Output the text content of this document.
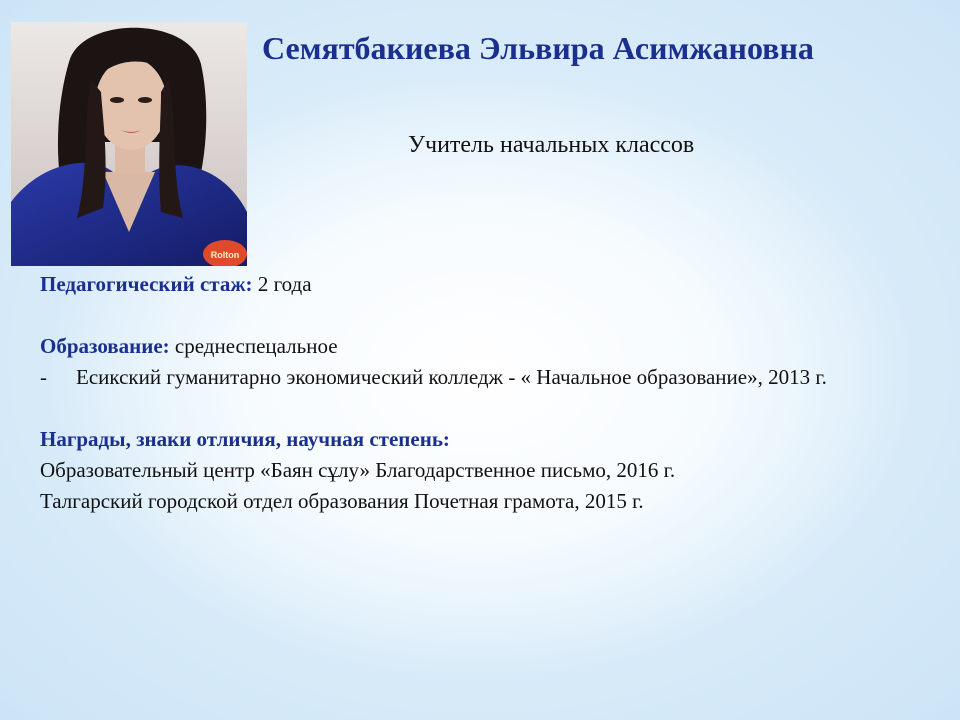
Rolton
Семятбакиева Эльвира Асимжановна
Учитель начальных классов

Педагогический стаж: 2 года

Образование: среднеспецальное

- Есикский гуманитарно экономический колледж - « Начальное образование», 2013 г.

Награды, знаки отличия, научная степень:

Образовательный центр «Баян сұлу» Благодарственное письмо, 2016 г.

Талгарский городской отдел образования Почетная грамота, 2015 г.
